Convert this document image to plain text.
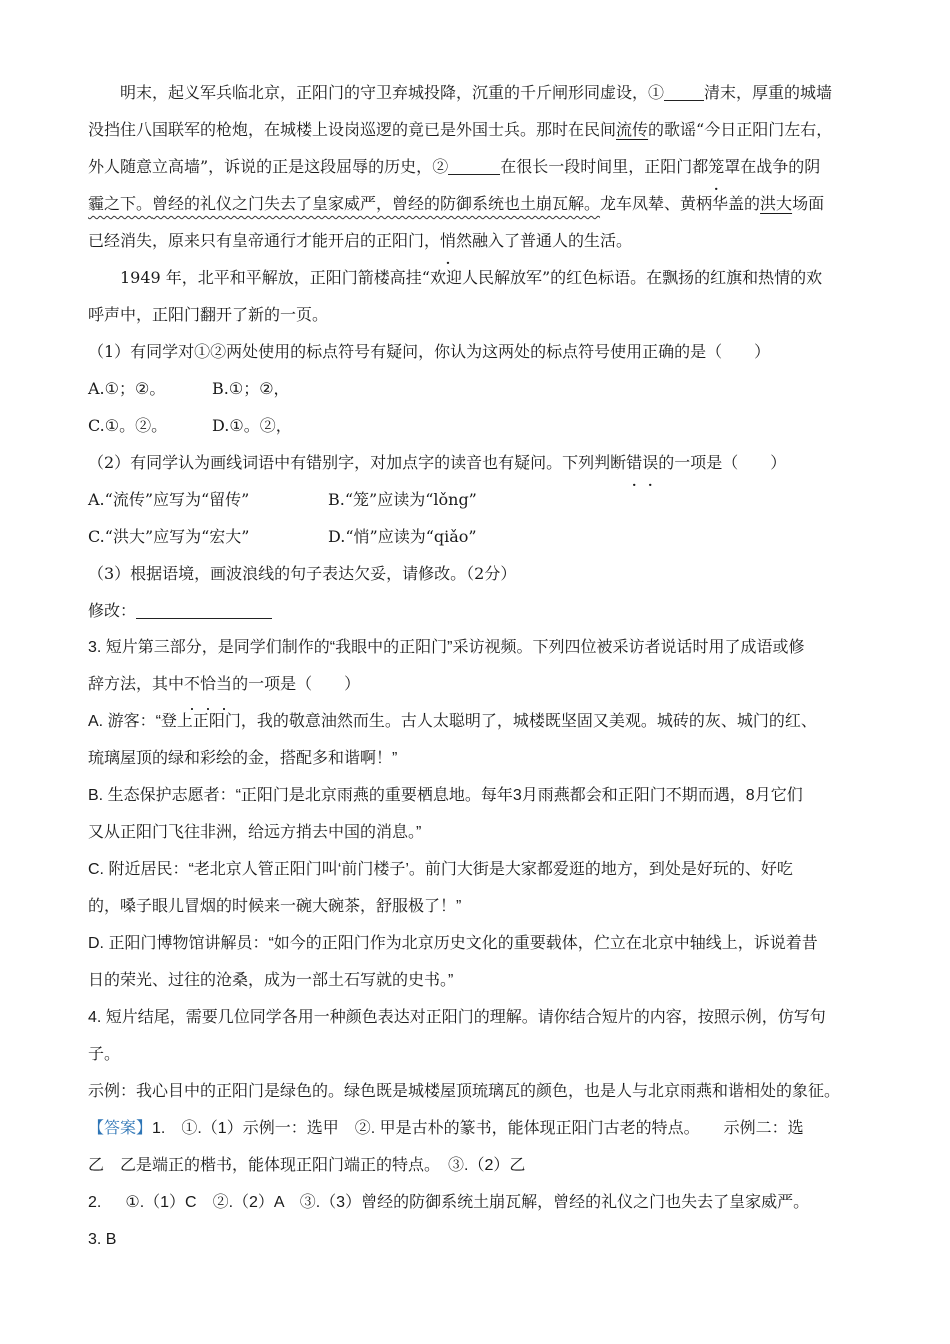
明末，起义军兵临北京，正阳门的守卫弃城投降，沉重的千斤闸形同虚设，①	清末，厚重的城墙
没挡住八国联军的枪炮，在城楼上设岗巡逻的竟已是外国士兵。那时在民间流传的歌谣“今日正阳门左右，
外人随意立高墙”，诉说的正是这段屈辱的历史，②	在很长一段时间里，正阳门都笼罩在战争的阴
霾之下。曾经的礼仪之门失去了皇家威严，曾经的防御系统也土崩瓦解。龙车凤辇、黄柄华盖的洪大场面
已经消失，原来只有皇帝通行才能开启的正阳门，悄然融入了普通人的生活。
1949 年，北平和平解放，正阳门箭楼高挂“欢迎人民解放军”的红色标语。在飘扬的红旗和热情的欢
呼声中，正阳门翻开了新的一页。
（1）有同学对①②两处使用的标点符号有疑问，你认为这两处的标点符号使用正确的是（　　）
A.①；②。	B.①；②，
C.①。②。	D.①。②，
（2）有同学认为画线词语中有错别字，对加点字的读音也有疑问。下列判断错误的一项是（　　）
A.“流传”应写为“留传”	B.“笼”应读为“lǒng”
C.“洪大”应写为“宏大”	D.“悄”应读为“qiǎo”
（3）根据语境，画波浪线的句子表达欠妥，请修改。（2分）
修改：
3. 短片第三部分，是同学们制作的“我眼中的正阳门”采访视频。下列四位被采访者说话时用了成语或修
辞方法，其中不恰当的一项是（　　）
A. 游客：“登上正阳门，我的敬意油然而生。古人太聪明了，城楼既坚固又美观。城砖的灰、城门的红、
琉璃屋顶的绿和彩绘的金，搭配多和谐啊！”
B. 生态保护志愿者：“正阳门是北京雨燕的重要栖息地。每年3月雨燕都会和正阳门不期而遇，8月它们
又从正阳门飞往非洲，给远方捎去中国的消息。”
C. 附近居民：“老北京人管正阳门叫‘前门楼子’。前门大街是大家都爱逛的地方，到处是好玩的、好吃
的，嗓子眼儿冒烟的时候来一碗大碗茶，舒服极了！”
D. 正阳门博物馆讲解员：“如今的正阳门作为北京历史文化的重要载体，伫立在北京中轴线上，诉说着昔
日的荣光、过往的沧桑，成为一部土石写就的史书。”
4. 短片结尾，需要几位同学各用一种颜色表达对正阳门的理解。请你结合短片的内容，按照示例，仿写句
子。
示例：我心目中的正阳门是绿色的。绿色既是城楼屋顶琉璃瓦的颜色，也是人与北京雨燕和谐相处的象征。
【答案】1. ①.（1）示例一：选甲　②. 甲是古朴的篆书，能体现正阳门古老的特点。　　示例二：选
乙　乙是端正的楷书，能体现正阳门端正的特点。　③.（2）乙
2. ①.（1）C　②.（2）A　③.（3）曾经的防御系统土崩瓦解，曾经的礼仪之门也失去了皇家威严。
3. B
